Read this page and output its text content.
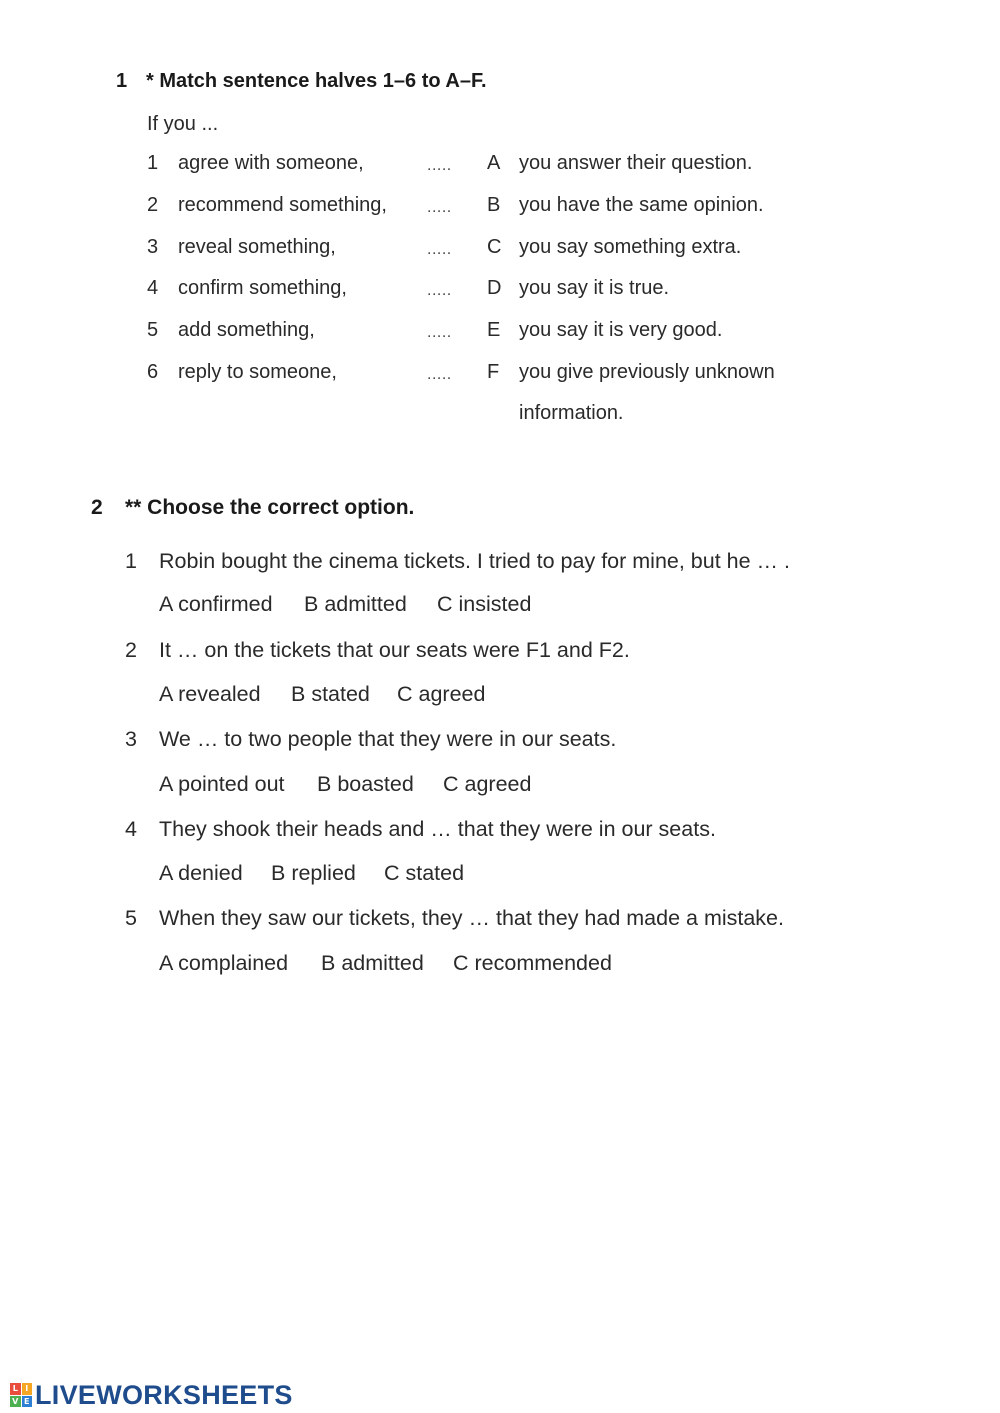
1 * Match sentence halves 1–6 to A–F.
If you ...
1 agree with someone,	..... A you answer their question.
2 recommend something,	..... B you have the same opinion.
3 reveal something,	..... C you say something extra.
4 confirm something,	..... D you say it is true.
5 add something,	..... E you say it is very good.
6 reply to someone,	..... F you give previously unknown
information.
2 ** Choose the correct option.
1 Robin bought the cinema tickets. I tried to pay for mine, but he … .
A confirmed B admitted C insisted
2 It … on the tickets that our seats were F1 and F2.
A revealed B stated C agreed
3 We … to two people that they were in our seats.
A pointed out B boasted C agreed
4 They shook their heads and … that they were in our seats.
A denied B replied C stated
5 When they saw our tickets, they … that they had made a mistake.
A complained B admitted C recommended
L I
V E LIVEWORKSHEETS
